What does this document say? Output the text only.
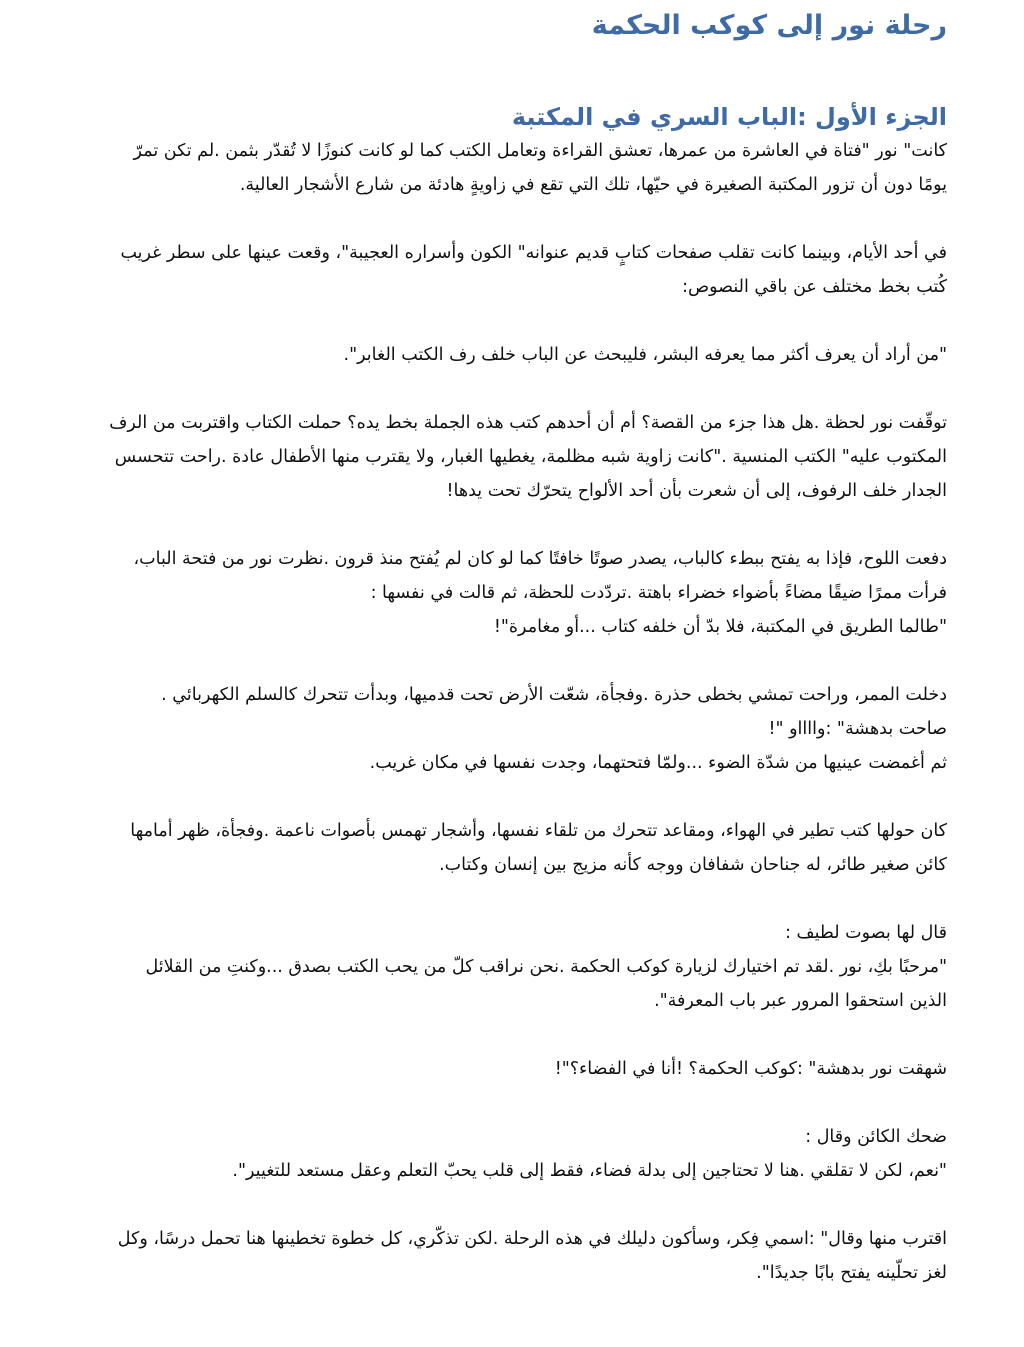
رحلة نور إلى كوكب الحكمة
الجزء الأول :الباب السري في المكتبة
كانت" نور "فتاة في العاشرة من عمرها، تعشق القراءة وتعامل الكتب كما لو كانت كنوزًا لا تُقدّر بثمن .لم تكن تمرّ
يومًا دون أن تزور المكتبة الصغيرة في حيّها، تلك التي تقع في زاويةٍ هادئة من شارع الأشجار العالية.
في أحد الأيام، وبينما كانت تقلب صفحات كتابٍ قديم عنوانه" الكون وأسراره العجيبة"، وقعت عينها على سطر غريب
كُتب بخط مختلف عن باقي النصوص:
"من أراد أن يعرف أكثر مما يعرفه البشر، فليبحث عن الباب خلف رف الكتب الغابر".
توقّفت نور لحظة .هل هذا جزء من القصة؟ أم أن أحدهم كتب هذه الجملة بخط يده؟ حملت الكتاب واقتربت من الرف
المكتوب عليه" الكتب المنسية ."كانت زاوية شبه مظلمة، يغطيها الغبار، ولا يقترب منها الأطفال عادة .راحت تتحسس
الجدار خلف الرفوف، إلى أن شعرت بأن أحد الألواح يتحرّك تحت يدها!
دفعت اللوح، فإذا به يفتح ببطء كالباب، يصدر صوتًا خافتًا كما لو كان لم يُفتح منذ قرون .نظرت نور من فتحة الباب،
فرأت ممرًا ضيقًا مضاءً بأضواء خضراء باهتة .تردّدت للحظة، ثم قالت في نفسها :
"طالما الطريق في المكتبة، فلا بدّ أن خلفه كتاب ...أو مغامرة"!
دخلت الممر، وراحت تمشي بخطى حذرة .وفجأة، شعّت الأرض تحت قدميها، وبدأت تتحرك كالسلم الكهربائي .
صاحت بدهشة" :وااااو "!
ثم أغمضت عينيها من شدّة الضوء ...ولمّا فتحتهما، وجدت نفسها في مكان غريب.
كان حولها كتب تطير في الهواء، ومقاعد تتحرك من تلقاء نفسها، وأشجار تهمس بأصوات ناعمة .وفجأة، ظهر أمامها
كائن صغير طائر، له جناحان شفافان ووجه كأنه مزيج بين إنسان وكتاب.
قال لها بصوت لطيف :
"مرحبًا بكِ، نور .لقد تم اختيارك لزيارة كوكب الحكمة .نحن نراقب كلّ من يحب الكتب بصدق ...وكنتِ من القلائل
الذين استحقوا المرور عبر باب المعرفة".
شهقت نور بدهشة" :كوكب الحكمة؟ !أنا في الفضاء؟"!
ضحك الكائن وقال :
"نعم، لكن لا تقلقي .هنا لا تحتاجين إلى بدلة فضاء، فقط إلى قلب يحبّ التعلم وعقل مستعد للتغيير".
اقترب منها وقال" :اسمي فِكر، وسأكون دليلك في هذه الرحلة .لكن تذكّري، كل خطوة تخطينها هنا تحمل درسًا، وكل
لغز تحلّينه يفتح بابًا جديدًا".
